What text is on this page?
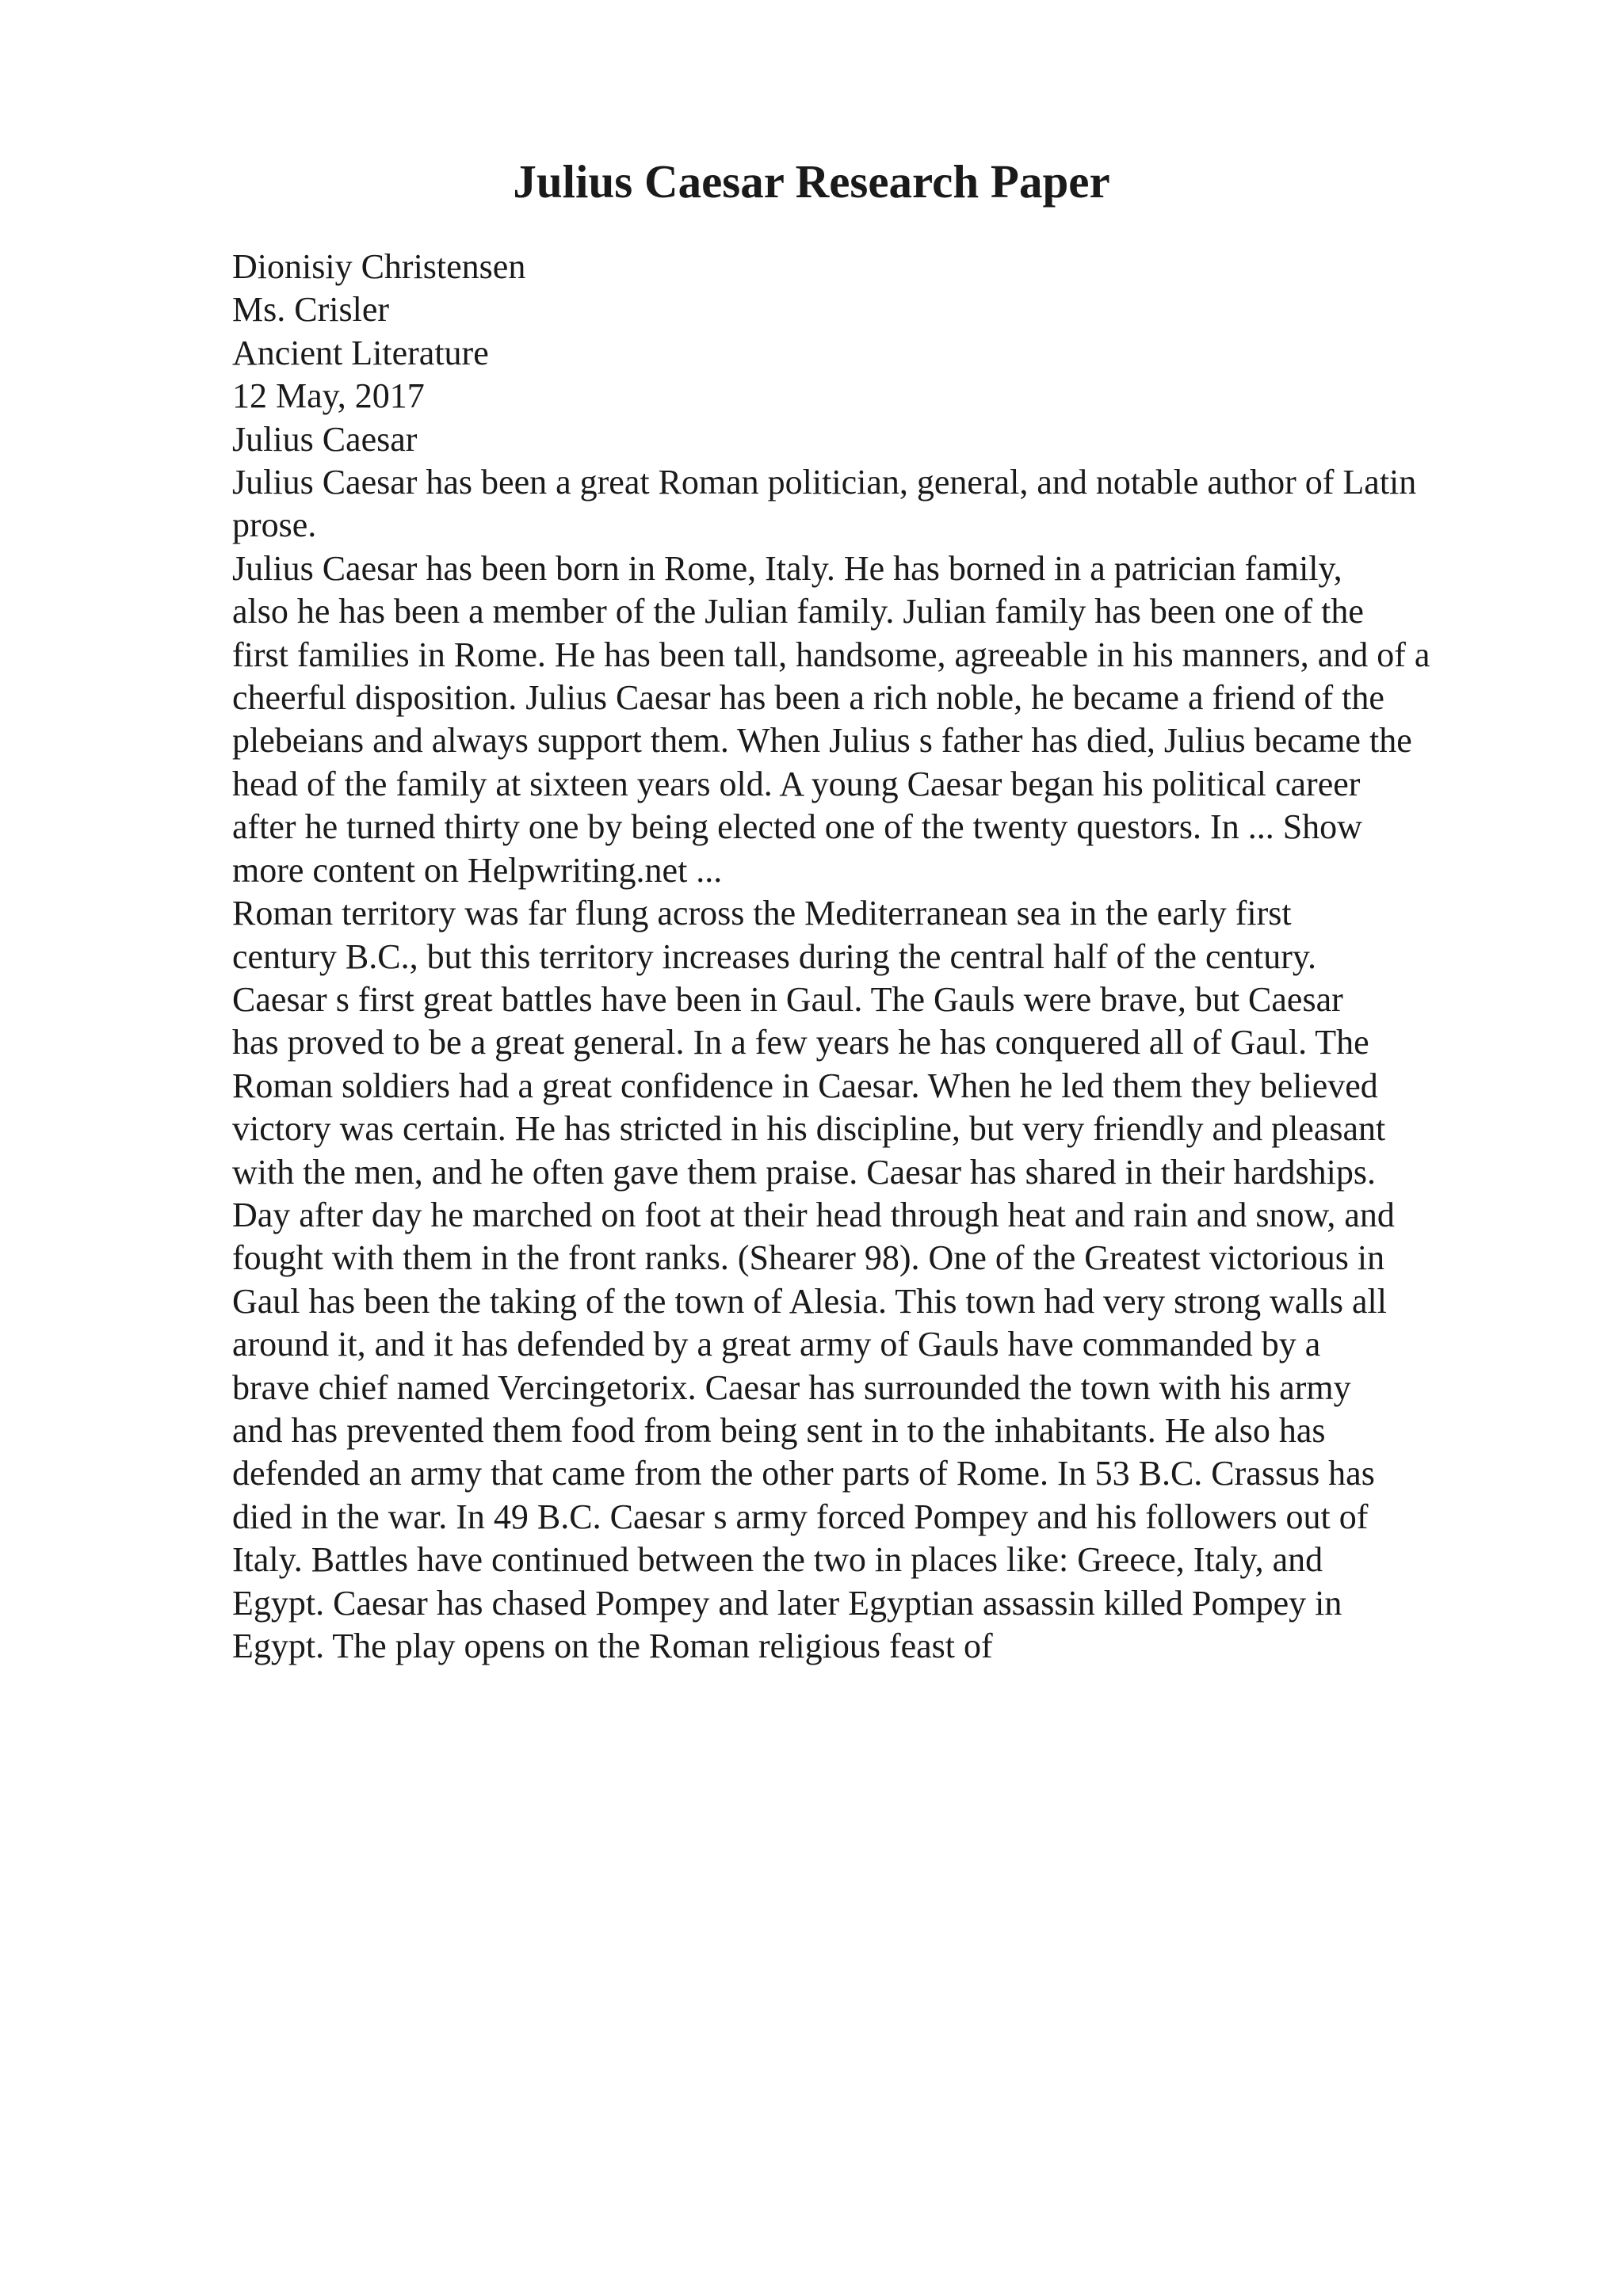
Julius Caesar Research Paper
Dionisiy Christensen
Ms. Crisler
Ancient Literature
12 May, 2017
Julius Caesar
Julius Caesar has been a great Roman politician, general, and notable author of Latin
prose.
Julius Caesar has been born in Rome, Italy. He has borned in a patrician family,
also he has been a member of the Julian family. Julian family has been one of the
first families in Rome. He has been tall, handsome, agreeable in his manners, and of a
cheerful disposition. Julius Caesar has been a rich noble, he became a friend of the
plebeians and always support them. When Julius s father has died, Julius became the
head of the family at sixteen years old. A young Caesar began his political career
after he turned thirty one by being elected one of the twenty questors. In ... Show
more content on Helpwriting.net ...
Roman territory was far flung across the Mediterranean sea in the early first
century B.C., but this territory increases during the central half of the century.
Caesar s first great battles have been in Gaul. The Gauls were brave, but Caesar
has proved to be a great general. In a few years he has conquered all of Gaul. The
Roman soldiers had a great confidence in Caesar. When he led them they believed
victory was certain. He has stricted in his discipline, but very friendly and pleasant
with the men, and he often gave them praise. Caesar has shared in their hardships.
Day after day he marched on foot at their head through heat and rain and snow, and
fought with them in the front ranks. (Shearer 98). One of the Greatest victorious in
Gaul has been the taking of the town of Alesia. This town had very strong walls all
around it, and it has defended by a great army of Gauls have commanded by a
brave chief named Vercingetorix. Caesar has surrounded the town with his army
and has prevented them food from being sent in to the inhabitants. He also has
defended an army that came from the other parts of Rome. In 53 B.C. Crassus has
died in the war. In 49 B.C. Caesar s army forced Pompey and his followers out of
Italy. Battles have continued between the two in places like: Greece, Italy, and
Egypt. Caesar has chased Pompey and later Egyptian assassin killed Pompey in
Egypt. The play opens on the Roman religious feast of
